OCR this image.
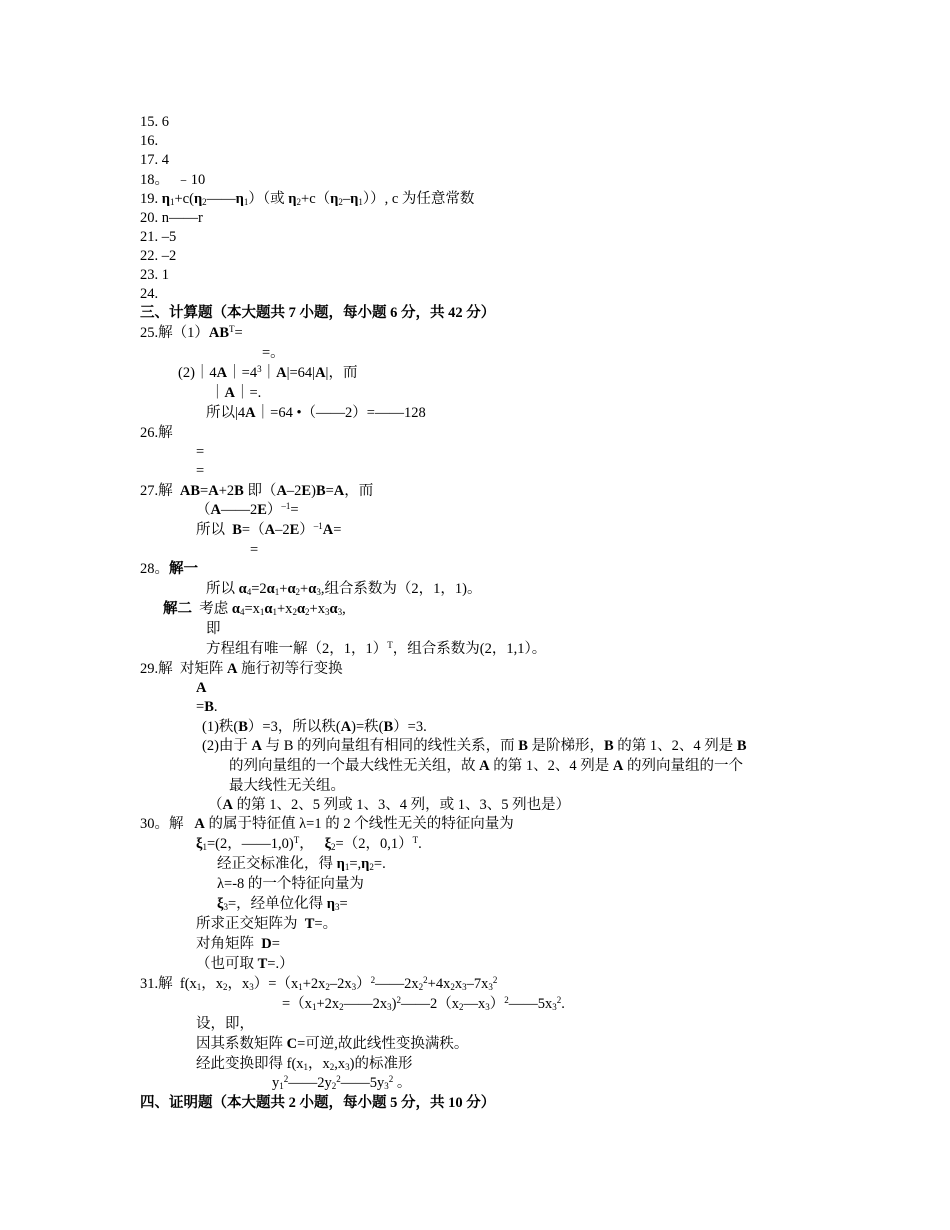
15. 6
16.
17. 4
18。  ﹣10
19. $\eta_1+c(\eta_2——\eta_1)$（或 $\eta_2+c(\eta_2-\eta_1)$）, c 为任意常数
20. n——r
21. –5
22. –2
23. 1
24.
三、计算题（本大题共 7 小题，每小题 6 分，共 42 分）
25.解$(1)AB^T=$
=。
$(2)|4A|=4^3|A|=64|A|$，而
｜A｜=.
所以|4A｜=64 •（——2）=——128
26.解
=
=
27.解  AB=A+2B 即（A–2E)B=A，而
（A——2E）$^{-1}$=
所以  $B=(A-2E)^{-1}A=$
=
28。解一
所以 $\alpha_4=2\alpha_1+\alpha_2+\alpha_3$,组合系数为（2，1，1)。
解二  考虑 $\alpha_4=x_1\alpha_1+x_2\alpha_2+x_3\alpha_3$,
即
方程组有唯一解（2，1，1）$^T$，组合系数为(2，1,1）。
29.解  对矩阵 A 施行初等行变换
A
=B.
(1)秩(B）=3，所以秩(A)=秩(B）=3.
(2)由于 A 与 B 的列向量组有相同的线性关系，而 B 是阶梯形，B 的第 1、2、4 列是 B
的列向量组的一个最大线性无关组，故 A 的第 1、2、4 列是 A 的列向量组的一个
最大线性无关组。
（A 的第 1、2、5 列或 1、3、4 列，或 1、3、5 列也是）
30。解   A 的属于特征值 λ=1 的 2 个线性无关的特征向量为
$\xi_1=(2$，——1,0)$^T$，   $\xi_2=(2$，0,1）$^T$.
经正交标准化，得 $\eta_1=,\eta_2=$.
λ=-8 的一个特征向量为
$\xi_3=$，经单位化得 $\eta_3=$
所求正交矩阵为  T=。
对角矩阵  D=
（也可取 T=.）
31.解  $f(x_1$，$x_2$，$x_3)=(x_1+2x_2-2x_3)^2——2x_2^2+4x_2x_3-7x_3^2$
$=(x_1+2x_2——2x_3)^2——2(x_2—x_3)^2——5x_3^2$.
设，即，
因其系数矩阵 C=可逆,故此线性变换满秩。
经此变换即得 $f(x_1$，$x_2,x_3$)的标准形
$y_1^2——2y_2^2——5y_3^2$ 。
四、证明题（本大题共 2 小题，每小题 5 分，共 10 分）
